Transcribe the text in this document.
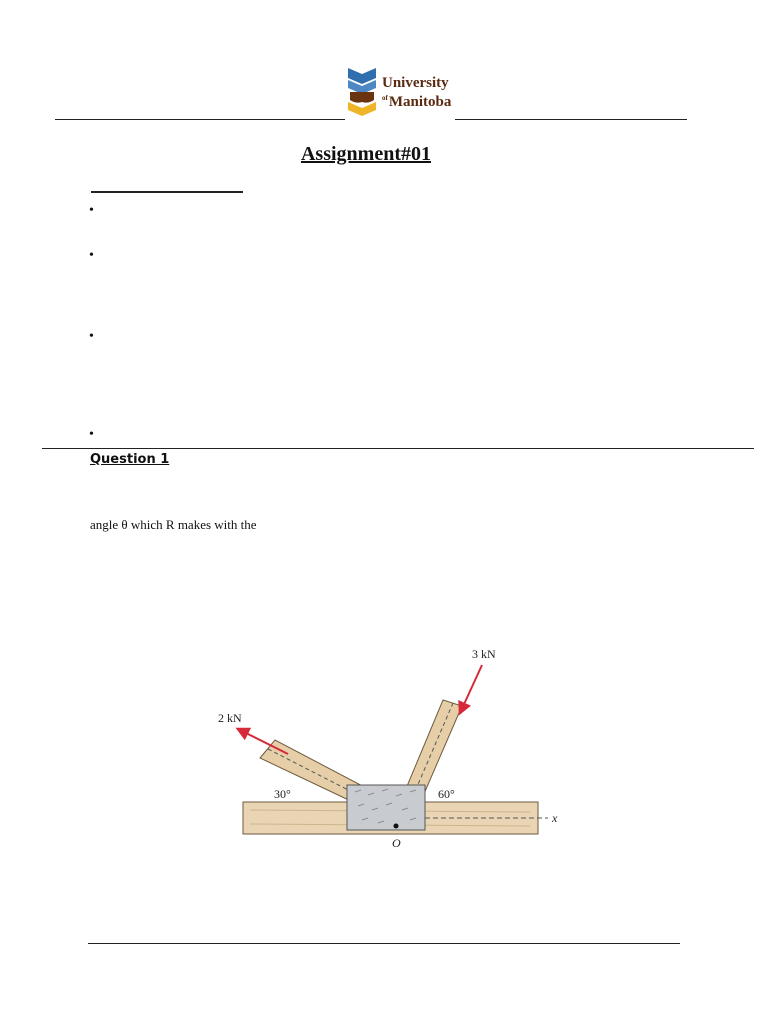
University
$^{of}$Manitoba
Assignment#01
•
•
•
•
Question 1
angle θ which R makes with the
2 kN
3 kN
30°	60°
O
x
